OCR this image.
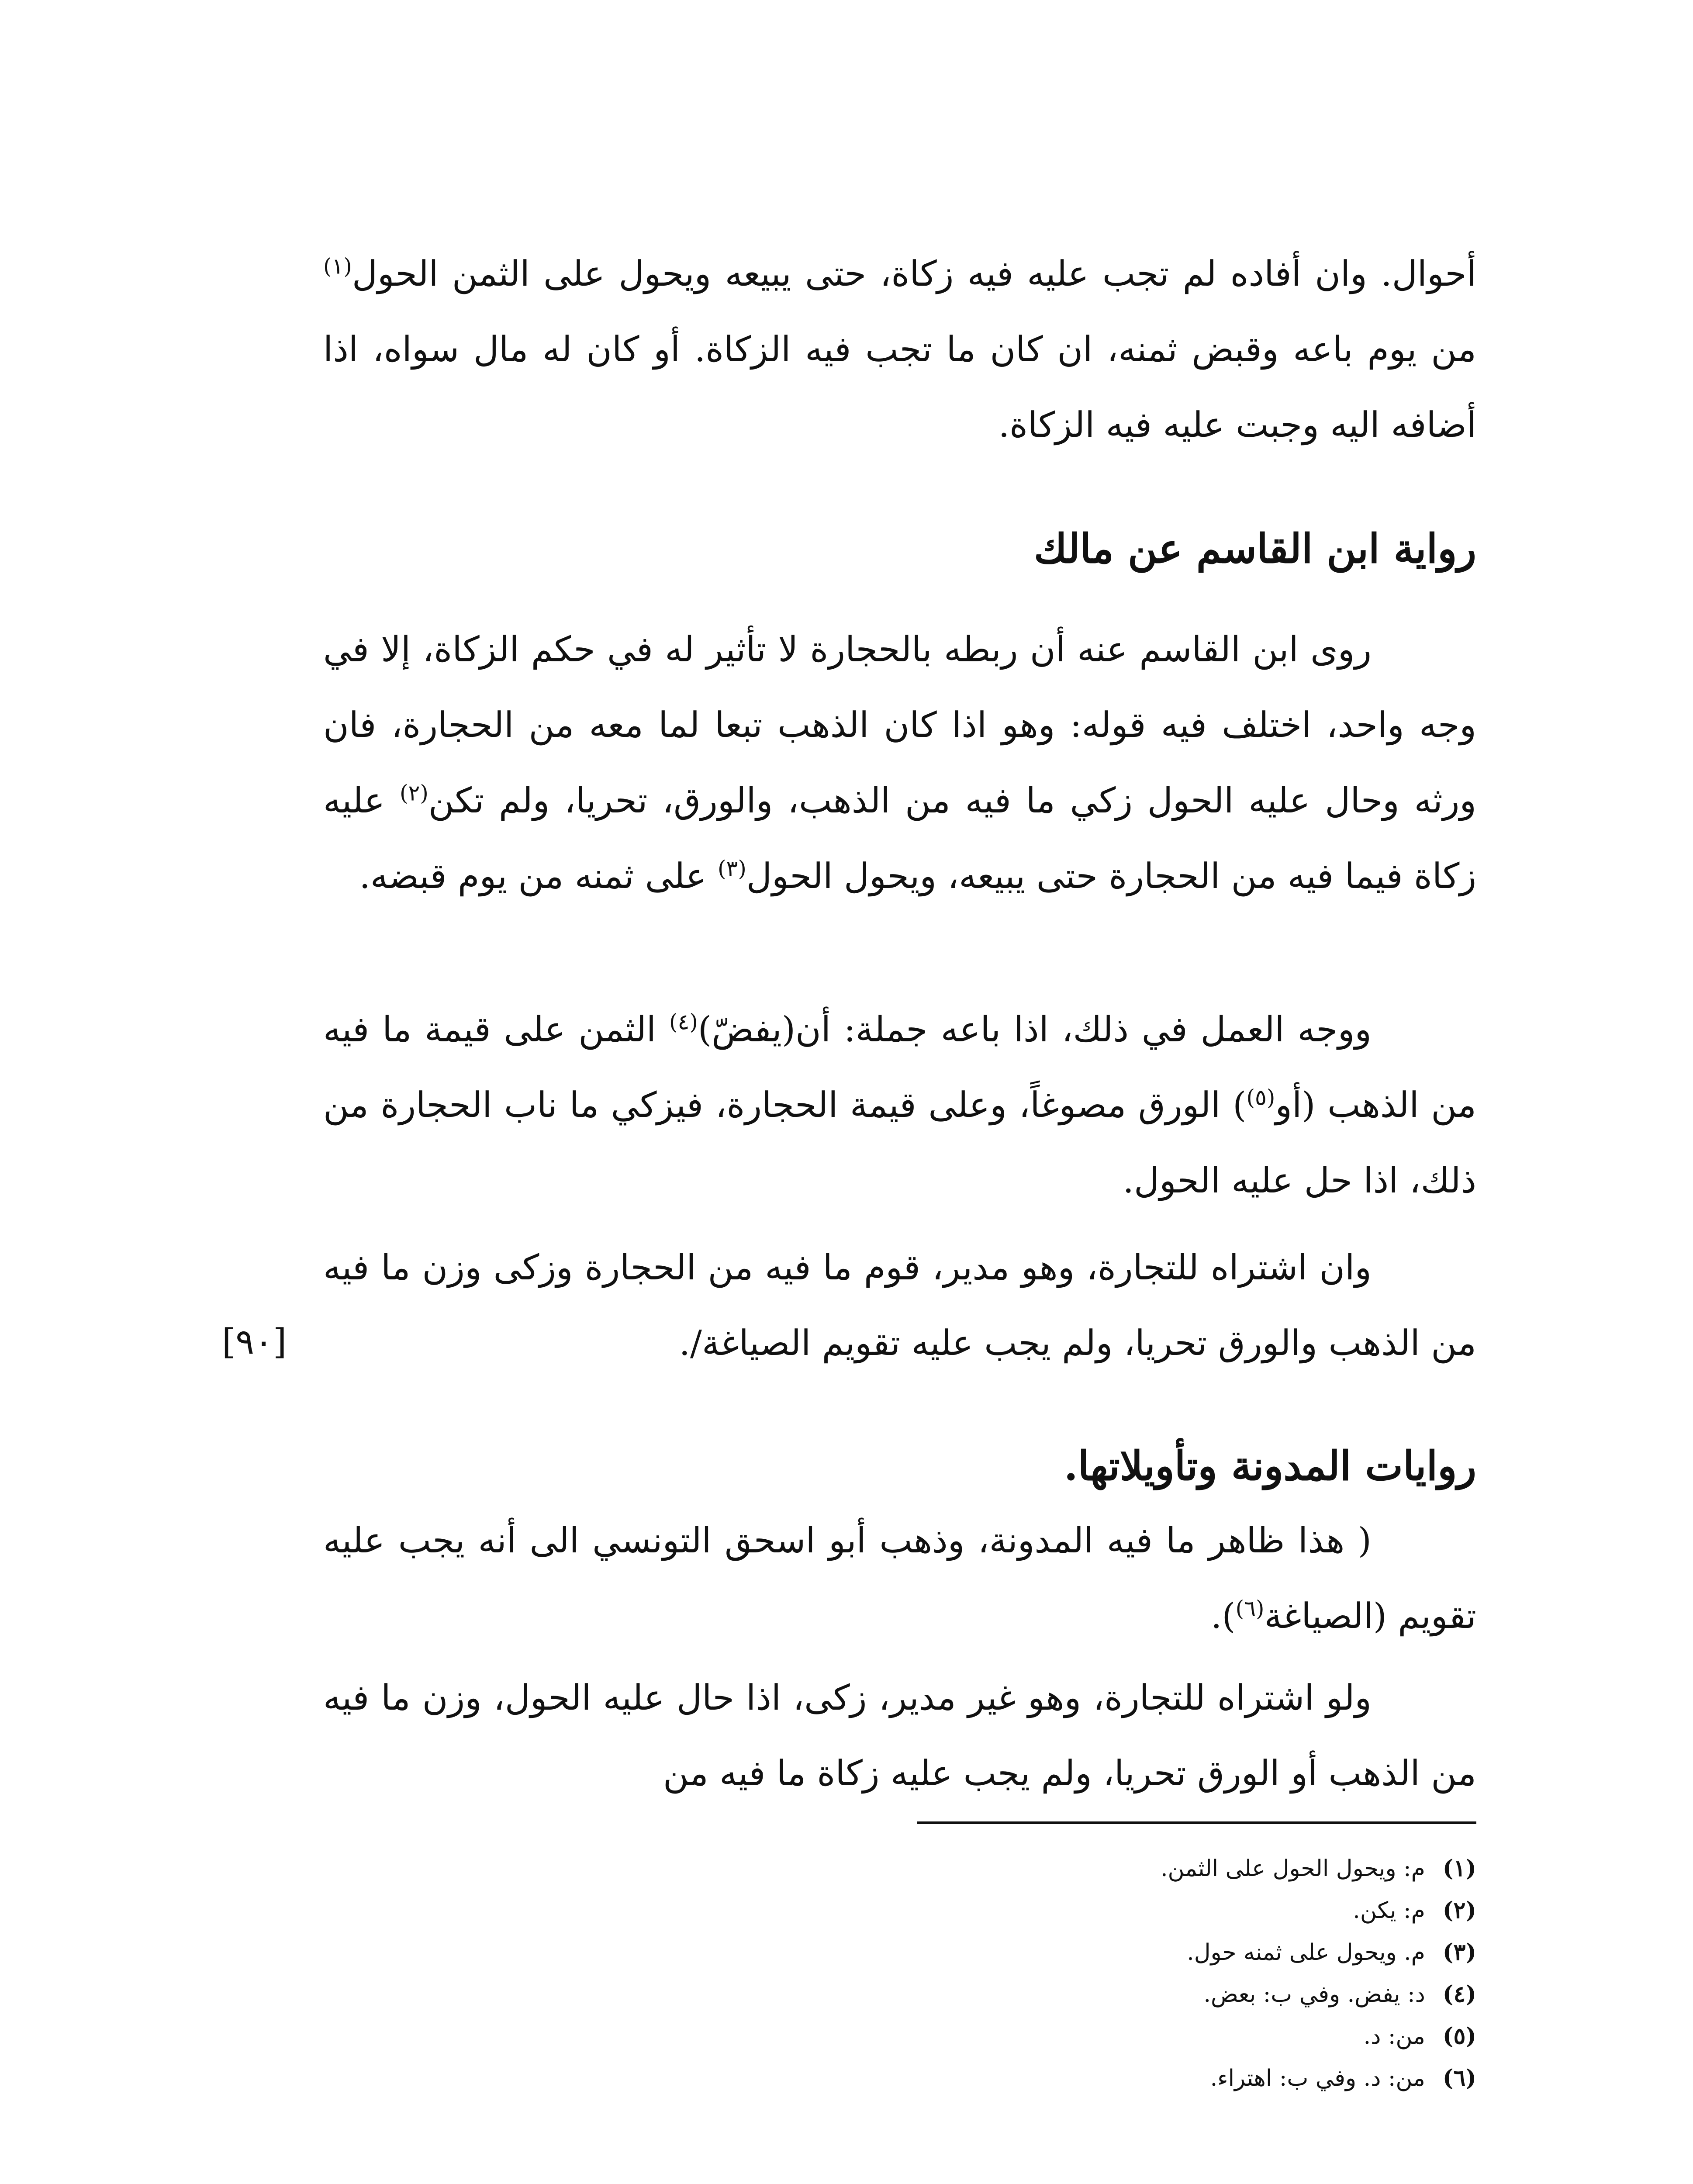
أحوال. وان أفاده لم تجب عليه فيه زكاة، حتى يبيعه ويحول على الثمن الحول$^{(١)}$ من يوم باعه وقبض ثمنه، ان كان ما تجب فيه الزكاة. أو كان له مال سواه، اذا أضافه اليه وجبت عليه فيه الزكاة.

رواية ابن القاسم عن مالك

روى ابن القاسم عنه أن ربطه بالحجارة لا تأثير له في حكم الزكاة، إلا في وجه واحد، اختلف فيه قوله: وهو اذا كان الذهب تبعا لما معه من الحجارة، فان ورثه وحال عليه الحول زكي ما فيه من الذهب، والورق، تحريا، ولم تكن$^{(٢)}$ عليه زكاة فيما فيه من الحجارة حتى يبيعه، ويحول الحول$^{(٣)}$ على ثمنه من يوم قبضه.

ووجه العمل في ذلك، اذا باعه جملة: أن(يفضّ)$^{(٤)}$ الثمن على قيمة ما فيه من الذهب (أو$^{(٥)}$) الورق مصوغاً، وعلى قيمة الحجارة، فيزكي ما ناب الحجارة من ذلك، اذا حل عليه الحول.

وان اشتراه للتجارة، وهو مدير، قوم ما فيه من الحجارة وزكى وزن ما فيه من الذهب والورق تحريا، ولم يجب عليه تقويم الصياغة/.

[٩٠]
روايات المدونة وتأويلاتها.

( هذا ظاهر ما فيه المدونة، وذهب أبو اسحق التونسي الى أنه يجب عليه تقويم (الصياغة$^{(٦)}$).

ولو اشتراه للتجارة، وهو غير مدير، زكى، اذا حال عليه الحول، وزن ما فيه من الذهب أو الورق تحريا، ولم يجب عليه زكاة ما فيه من

(١)م: ويحول الحول على الثمن.
(٢)م: يكن.
(٣)م. ويحول على ثمنه حول.
(٤)د: يفض. وفي ب: بعض.
(٥)من: د.
(٦)من: د. وفي ب: اهتراء.
